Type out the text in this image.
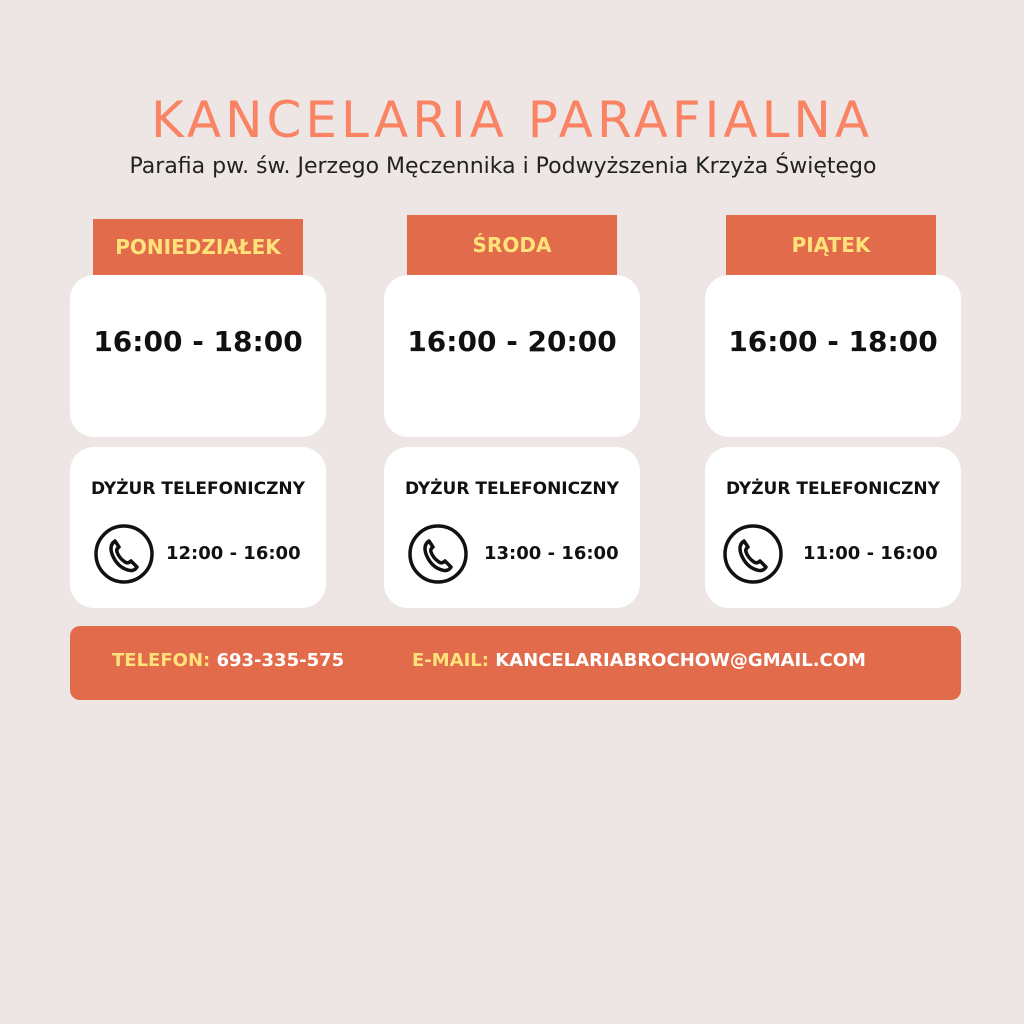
KANCELARIA PARAFIALNA
Parafia pw. św. Jerzego Męczennika i Podwyższenia Krzyża Świętego
PONIEDZIAŁEK
16:00 - 18:00
DYŻUR TELEFONICZNY
12:00 - 16:00
ŚRODA
16:00 - 20:00
DYŻUR TELEFONICZNY
13:00 - 16:00
PIĄTEK
16:00 - 18:00
DYŻUR TELEFONICZNY
11:00 - 16:00
TELEFON: 693-335-575	E-MAIL: KANCELARIABROCHOW@GMAIL.COM
